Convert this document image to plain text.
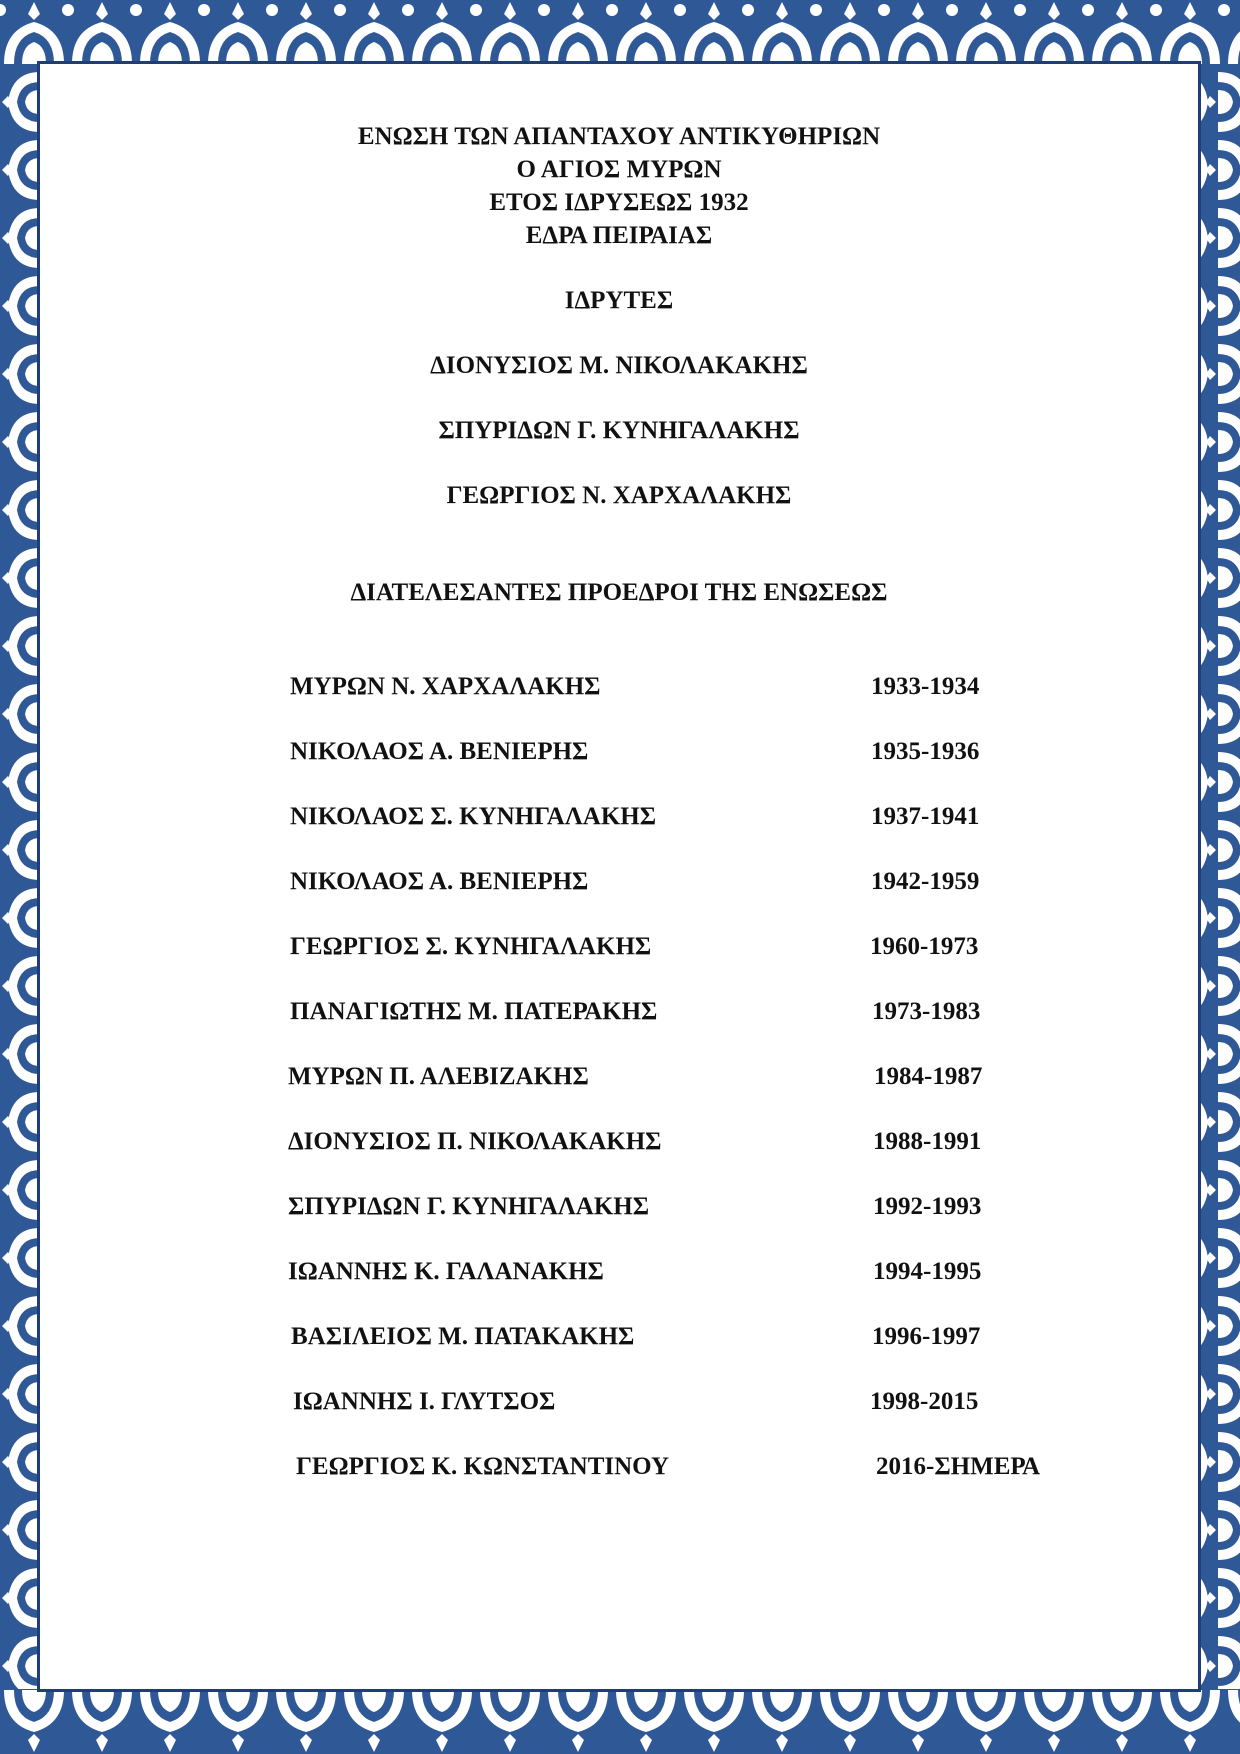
ΕΝΩΣΗ ΤΩΝ ΑΠΑΝΤΑΧΟΥ ΑΝΤΙΚΥΘΗΡΙΩΝ
Ο ΑΓΙΟΣ ΜΥΡΩΝ
ΕΤΟΣ ΙΔΡΥΣΕΩΣ 1932
ΕΔΡΑ ΠΕΙΡΑΙΑΣ
ΙΔΡΥΤΕΣ
ΔΙΟΝΥΣΙΟΣ Μ. ΝΙΚΟΛΑΚΑΚΗΣ
ΣΠΥΡΙΔΩΝ Γ. ΚΥΝΗΓΑΛΑΚΗΣ
ΓΕΩΡΓΙΟΣ Ν. ΧΑΡΧΑΛΑΚΗΣ
ΔΙΑΤΕΛΕΣΑΝΤΕΣ ΠΡΟΕΔΡΟΙ ΤΗΣ ΕΝΩΣΕΩΣ
ΜΥΡΩΝ Ν. ΧΑΡΧΑΛΑΚΗΣ	1933-1934
ΝΙΚΟΛΑΟΣ Α. ΒΕΝΙΕΡΗΣ	1935-1936
ΝΙΚΟΛΑΟΣ Σ. ΚΥΝΗΓΑΛΑΚΗΣ	1937-1941
ΝΙΚΟΛΑΟΣ Α. ΒΕΝΙΕΡΗΣ	1942-1959
ΓΕΩΡΓΙΟΣ Σ. ΚΥΝΗΓΑΛΑΚΗΣ	1960-1973
ΠΑΝΑΓΙΩΤΗΣ Μ. ΠΑΤΕΡΑΚΗΣ	1973-1983
ΜΥΡΩΝ Π. ΑΛΕΒΙΖΑΚΗΣ	1984-1987
ΔΙΟΝΥΣΙΟΣ Π. ΝΙΚΟΛΑΚΑΚΗΣ	1988-1991
ΣΠΥΡΙΔΩΝ Γ. ΚΥΝΗΓΑΛΑΚΗΣ	1992-1993
ΙΩΑΝΝΗΣ Κ. ΓΑΛΑΝΑΚΗΣ	1994-1995
ΒΑΣΙΛΕΙΟΣ Μ. ΠΑΤΑΚΑΚΗΣ	1996-1997
ΙΩΑΝΝΗΣ Ι. ΓΛΥΤΣΟΣ	1998-2015
ΓΕΩΡΓΙΟΣ Κ. ΚΩΝΣΤΑΝΤΙΝΟΥ	2016-ΣΗΜΕΡΑ
